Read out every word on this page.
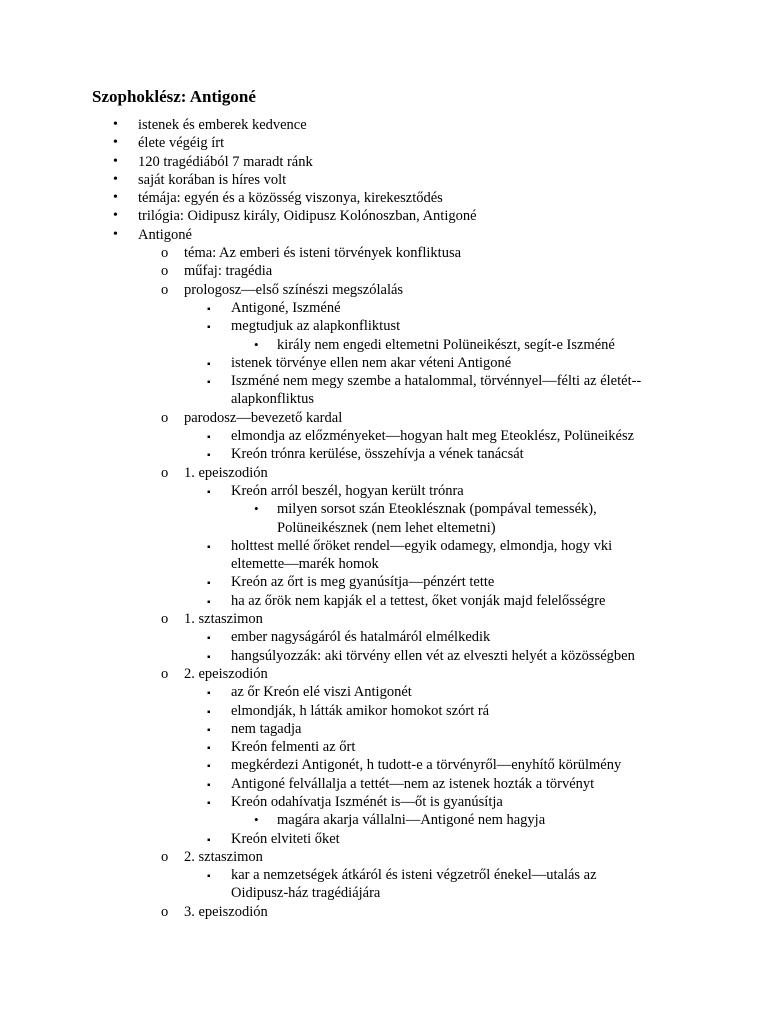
Szophoklész: Antigoné
• istenek és emberek kedvence
• élete végéig írt
• 120 tragédiából 7 maradt ránk
• saját korában is híres volt
• témája: egyén és a közösség viszonya, kirekesztődés
• trilógia: Oidipusz király, Oidipusz Kolónoszban, Antigoné
• Antigoné
o téma: Az emberi és isteni törvények konfliktusa
o műfaj: tragédia
o prologosz—első színészi megszólalás
▪ Antigoné, Iszméné
▪ megtudjuk az alapkonfliktust
• király nem engedi eltemetni Polüneikészt, segít-e Iszméné
▪ istenek törvénye ellen nem akar véteni Antigoné
▪ Iszméné nem megy szembe a hatalommal, törvénnyel—félti az életét--
alapkonfliktus
o parodosz—bevezető kardal
▪ elmondja az előzményeket—hogyan halt meg Eteoklész, Polüneikész
▪ Kreón trónra kerülése, összehívja a vének tanácsát
o 1. epeiszodión
▪ Kreón arról beszél, hogyan került trónra
• milyen sorsot szán Eteoklésznak (pompával temessék),
Polüneikésznek (nem lehet eltemetni)
▪ holttest mellé őröket rendel—egyik odamegy, elmondja, hogy vki
eltemette—marék homok
▪ Kreón az őrt is meg gyanúsítja—pénzért tette
▪ ha az őrök nem kapják el a tettest, őket vonják majd felelősségre
o 1. sztaszimon
▪ ember nagyságáról és hatalmáról elmélkedik
▪ hangsúlyozzák: aki törvény ellen vét az elveszti helyét a közösségben
o 2. epeiszodión
▪ az őr Kreón elé viszi Antigonét
▪ elmondják, h látták amikor homokot szórt rá
▪ nem tagadja
▪ Kreón felmenti az őrt
▪ megkérdezi Antigonét, h tudott-e a törvényről—enyhítő körülmény
▪ Antigoné felvállalja a tettét—nem az istenek hozták a törvényt
▪ Kreón odahívatja Iszménét is—őt is gyanúsítja
• magára akarja vállalni—Antigoné nem hagyja
▪ Kreón elviteti őket
o 2. sztaszimon
▪ kar a nemzetségek átkáról és isteni végzetről énekel—utalás az
Oidipusz-ház tragédiájára
o 3. epeiszodión
